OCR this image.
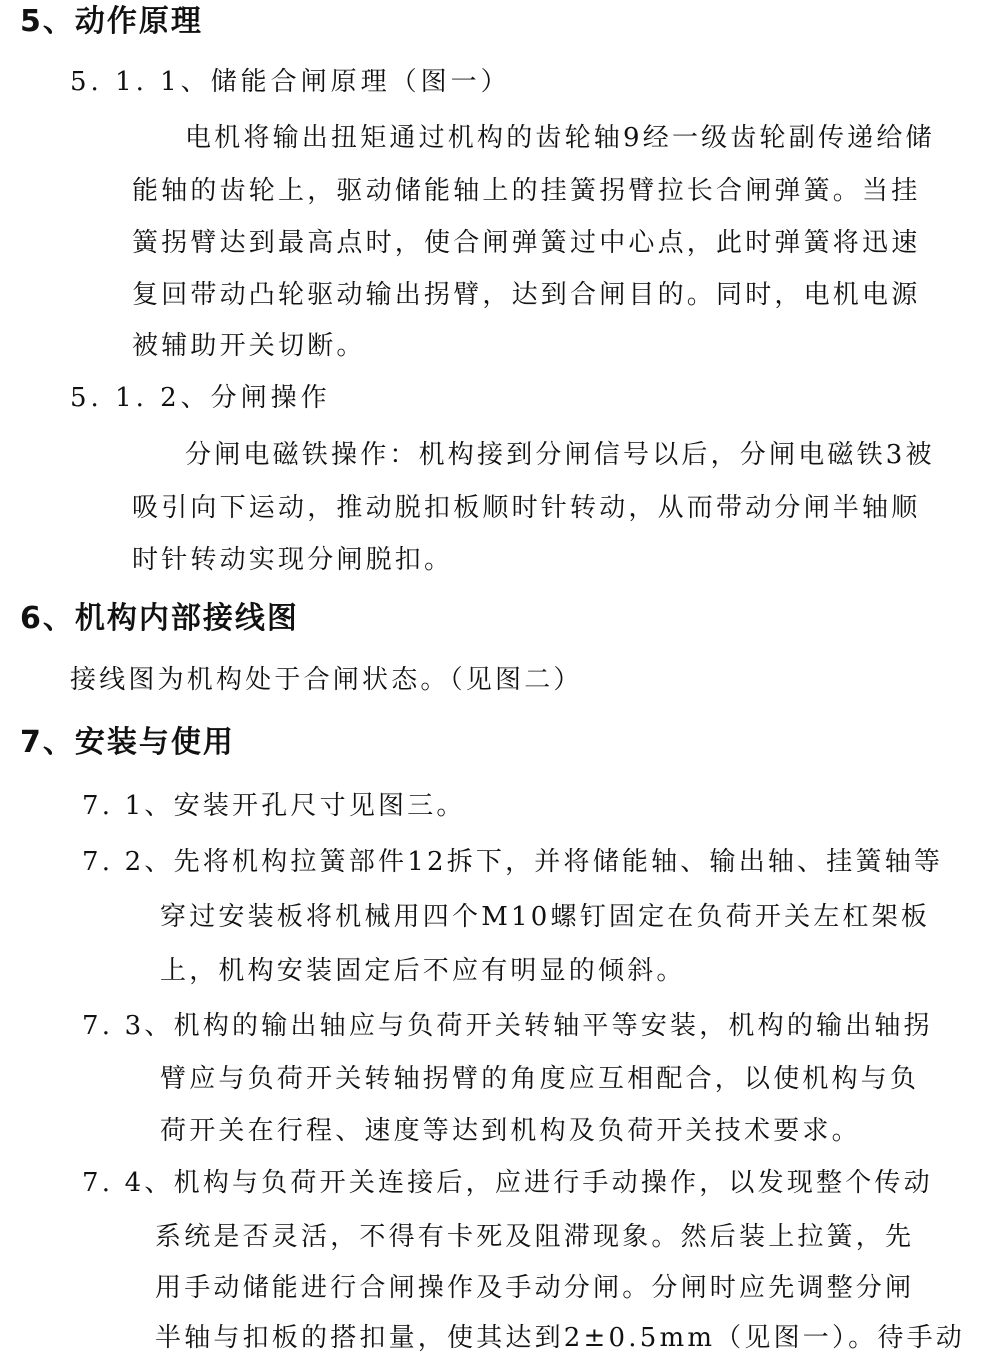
5、动作原理
5. 1. 1、储能合闸原理（图一）
电机将输出扭矩通过机构的齿轮轴9经一级齿轮副传递给储
能轴的齿轮上，驱动储能轴上的挂簧拐臂拉长合闸弹簧。当挂
簧拐臂达到最高点时，使合闸弹簧过中心点，此时弹簧将迅速
复回带动凸轮驱动输出拐臂，达到合闸目的。同时，电机电源
被辅助开关切断。
5. 1. 2、分闸操作
分闸电磁铁操作：机构接到分闸信号以后，分闸电磁铁3被
吸引向下运动，推动脱扣板顺时针转动，从而带动分闸半轴顺
时针转动实现分闸脱扣。
6、机构内部接线图
接线图为机构处于合闸状态。（见图二）
7、安装与使用
7. 1、安装开孔尺寸见图三。
7. 2、先将机构拉簧部件12拆下，并将储能轴、输出轴、挂簧轴等
穿过安装板将机械用四个M10螺钉固定在负荷开关左杠架板
上，机构安装固定后不应有明显的倾斜。
7. 3、机构的输出轴应与负荷开关转轴平等安装，机构的输出轴拐
臂应与负荷开关转轴拐臂的角度应互相配合，以使机构与负
荷开关在行程、速度等达到机构及负荷开关技术要求。
7. 4、机构与负荷开关连接后，应进行手动操作，以发现整个传动
系统是否灵活，不得有卡死及阻滞现象。然后装上拉簧，先
用手动储能进行合闸操作及手动分闸。分闸时应先调整分闸
半轴与扣板的搭扣量，使其达到2±0.5mm（见图一）。待手动
